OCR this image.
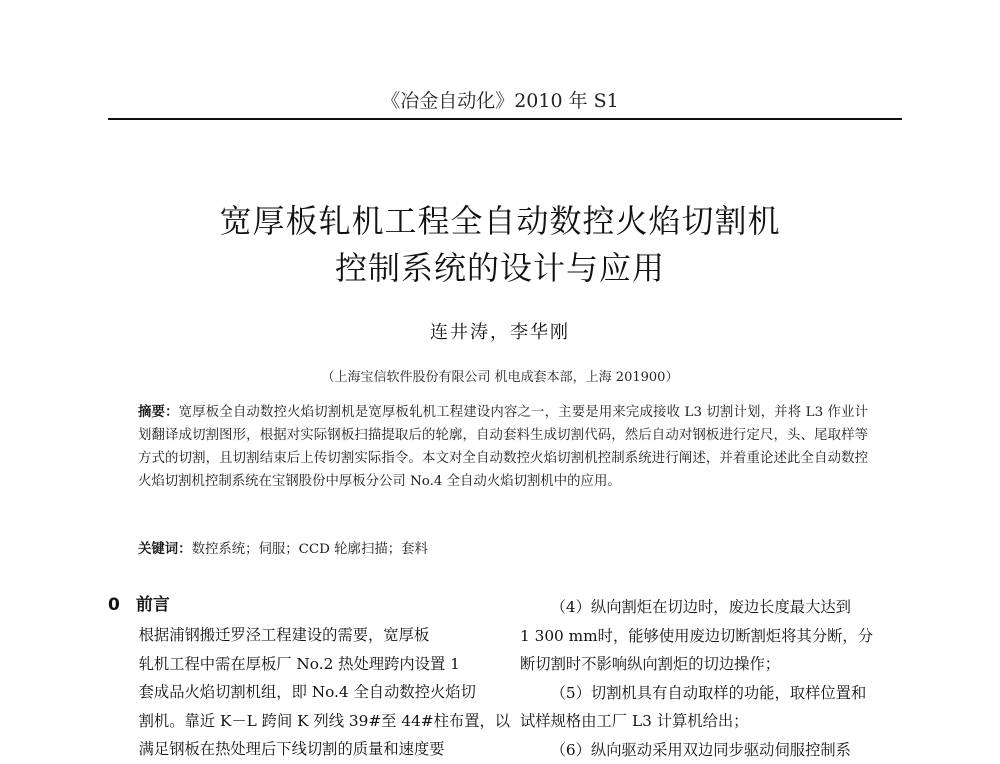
《冶金自动化》2010 年 S1
宽厚板轧机工程全自动数控火焰切割机
控制系统的设计与应用
连井涛，李华刚
（上海宝信软件股份有限公司 机电成套本部，上海 201900）
摘要：宽厚板全自动数控火焰切割机是宽厚板轧机工程建设内容之一，主要是用来完成接收 L3 切割计划，并将 L3 作业计划翻译成切割图形，根据对实际钢板扫描提取后的轮廓，自动套料生成切割代码，然后自动对钢板进行定尺，头、尾取样等方式的切割，且切割结束后上传切割实际指令。本文对全自动数控火焰切割机控制系统进行阐述，并着重论述此全自动数控火焰切割机控制系统在宝钢股份中厚板分公司 No.4 全自动火焰切割机中的应用。
关键词：数控系统；伺服；CCD 轮廓扫描；套料
0 前言

根据浦钢搬迁罗泾工程建设的需要，宽厚板
轧机工程中需在厚板厂 No.2 热处理跨内设置 1
套成品火焰切割机组，即 No.4 全自动数控火焰切
割机。靠近 K－L 跨间 K 列线 39#至 44#柱布置，以
满足钢板在热处理后下线切割的质量和速度要

（4）纵向割炬在切边时，废边长度最大达到
1 300 mm时，能够使用废边切断割炬将其分断，分
断切割时不影响纵向割炬的切边操作；

（5）切割机具有自动取样的功能，取样位置和
试样规格由工厂 L3 计算机给出；

（6）纵向驱动采用双边同步驱动伺服控制系
